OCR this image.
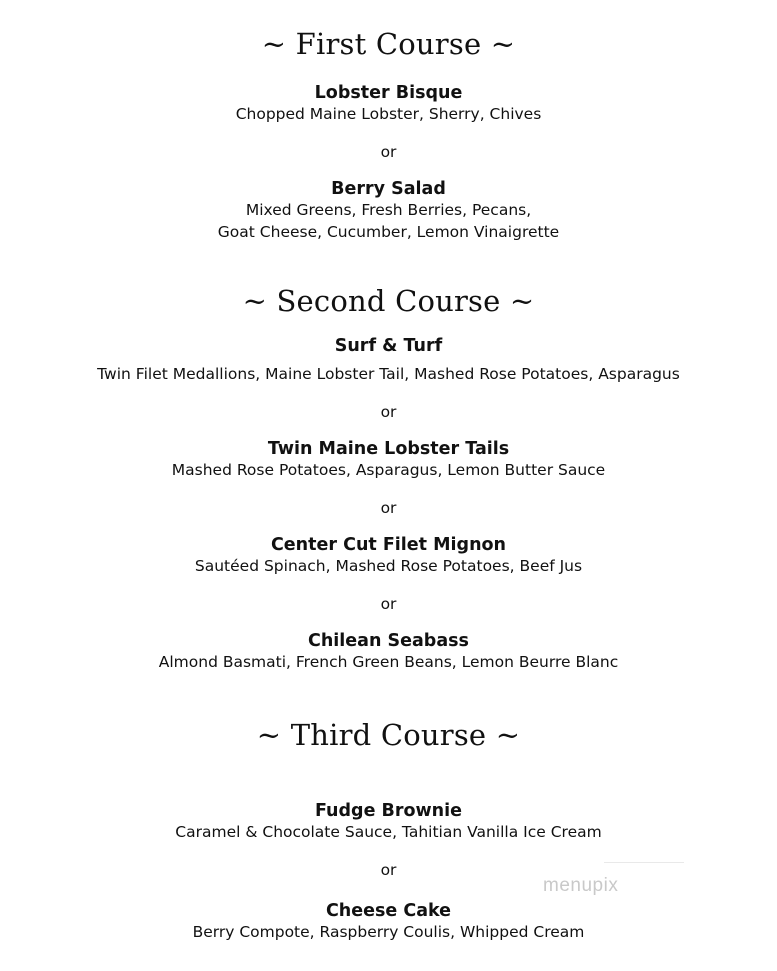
~ First Course ~
Lobster Bisque
Chopped Maine Lobster, Sherry, Chives
or
Berry Salad
Mixed Greens, Fresh Berries, Pecans,
Goat Cheese, Cucumber, Lemon Vinaigrette
~ Second Course ~
Surf & Turf
Twin Filet Medallions, Maine Lobster Tail, Mashed Rose Potatoes, Asparagus
or
Twin Maine Lobster Tails
Mashed Rose Potatoes, Asparagus, Lemon Butter Sauce
or
Center Cut Filet Mignon
Sautéed Spinach, Mashed Rose Potatoes, Beef Jus
or
Chilean Seabass
Almond Basmati, French Green Beans, Lemon Beurre Blanc
~ Third Course ~
Fudge Brownie
Caramel & Chocolate Sauce, Tahitian Vanilla Ice Cream
or
Cheese Cake
Berry Compote, Raspberry Coulis, Whipped Cream
menupix
